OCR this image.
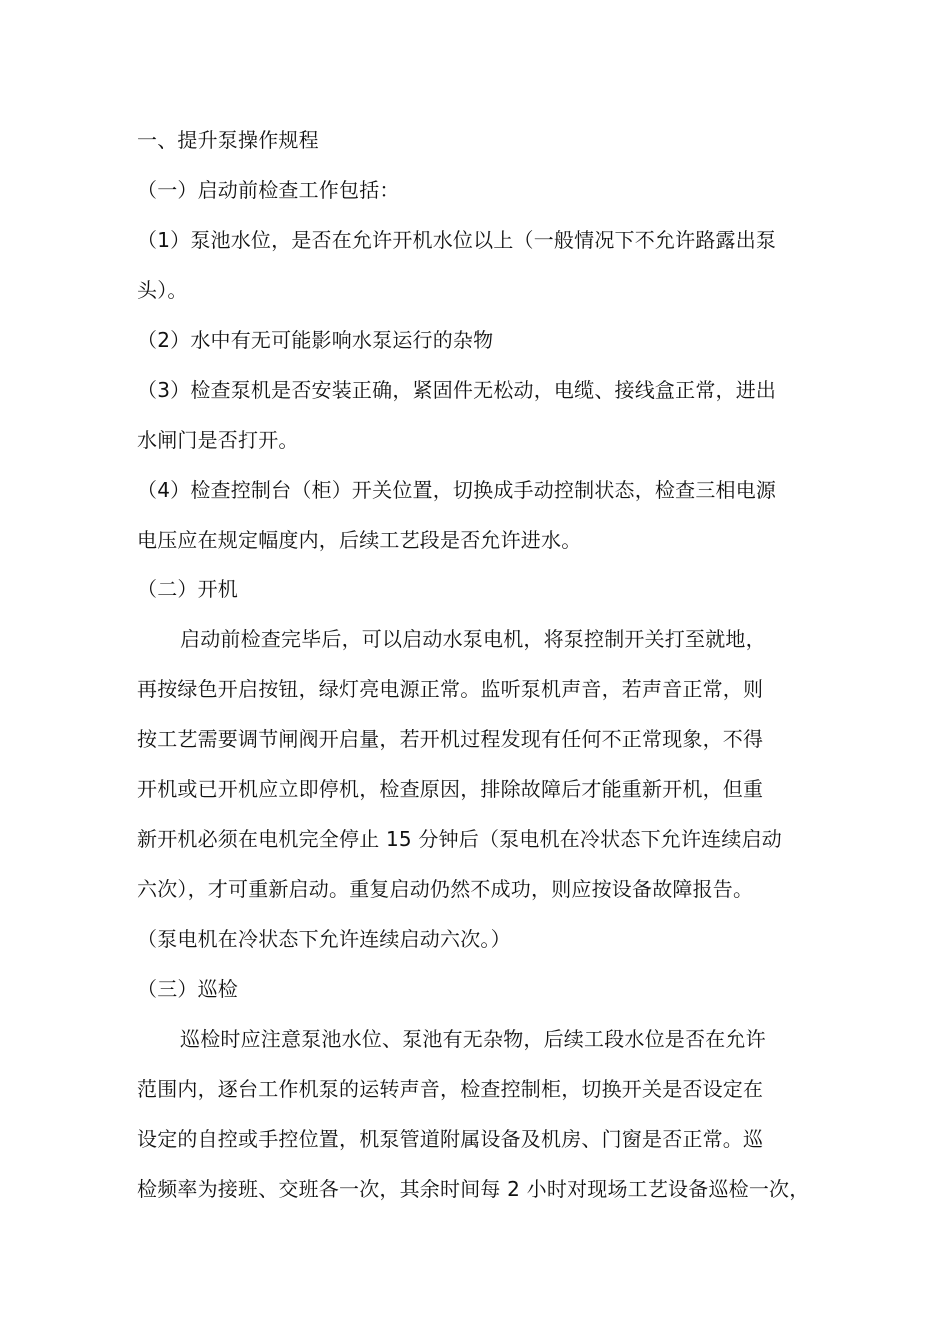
一、提升泵操作规程
（一）启动前检查工作包括：
（1）泵池水位，是否在允许开机水位以上（一般情况下不允许路露出泵
头）。
（2）水中有无可能影响水泵运行的杂物
（3）检查泵机是否安装正确，紧固件无松动，电缆、接线盒正常，进出
水闸门是否打开。
（4）检查控制台（柜）开关位置，切换成手动控制状态，检查三相电源
电压应在规定幅度内，后续工艺段是否允许进水。
（二）开机
启动前检查完毕后，可以启动水泵电机，将泵控制开关打至就地，
再按绿色开启按钮，绿灯亮电源正常。监听泵机声音，若声音正常，则
按工艺需要调节闸阀开启量，若开机过程发现有任何不正常现象，不得
开机或已开机应立即停机，检查原因，排除故障后才能重新开机，但重
新开机必须在电机完全停止 15 分钟后（泵电机在冷状态下允许连续启动
六次），才可重新启动。重复启动仍然不成功，则应按设备故障报告。
（泵电机在冷状态下允许连续启动六次。）
（三）巡检
巡检时应注意泵池水位、泵池有无杂物，后续工段水位是否在允许
范围内，逐台工作机泵的运转声音，检查控制柜，切换开关是否设定在
设定的自控或手控位置，机泵管道附属设备及机房、门窗是否正常。巡
检频率为接班、交班各一次，其余时间每 2 小时对现场工艺设备巡检一次，
